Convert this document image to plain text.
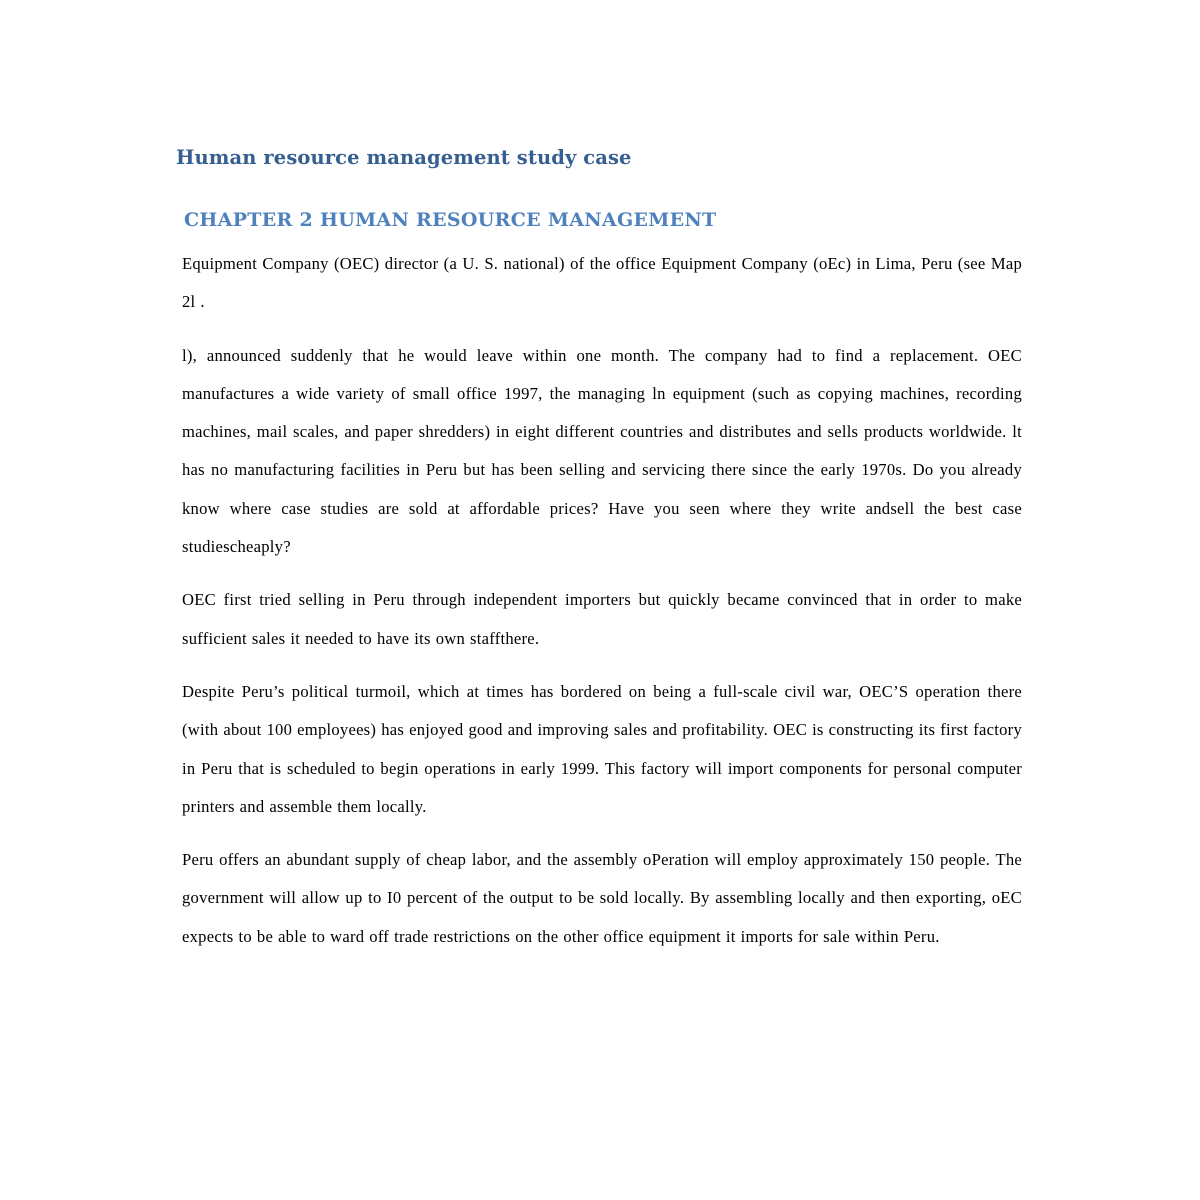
Human resource management study case
CHAPTER 2 HUMAN RESOURCE MANAGEMENT

Equipment Company (OEC) director (a U. S. national) of the office Equipment Company (oEc) in Lima, Peru (see Map 2l .

l), announced suddenly that he would leave within one month. The company had to find a replacement. OEC manufactures a wide variety of small office 1997, the managing ln equipment (such as copying machines, recording machines, mail scales, and paper shredders) in eight different countries and distributes and sells products worldwide. lt has no manufacturing facilities in Peru but has been selling and servicing there since the early 1970s. Do you already know where case studies are sold at affordable prices? Have you seen where they write andsell the best case studiescheaply?

OEC first tried selling in Peru through independent importers but quickly became convinced that in order to make sufficient sales it needed to have its own staffthere.

Despite Peru’s political turmoil, which at times has bordered on being a full-scale civil war, OEC’S operation there (with about 100 employees) has enjoyed good and improving sales and profitability. OEC is constructing its first factory in Peru that is scheduled to begin operations in early 1999. This factory will import components for personal computer printers and assemble them locally.

Peru offers an abundant supply of cheap labor, and the assembly oPeration will employ approximately 150 people. The government will allow up to I0 percent of the output to be sold locally. By assembling locally and then exporting, oEC expects to be able to ward off trade restrictions on the other office equipment it imports for sale within Peru.
